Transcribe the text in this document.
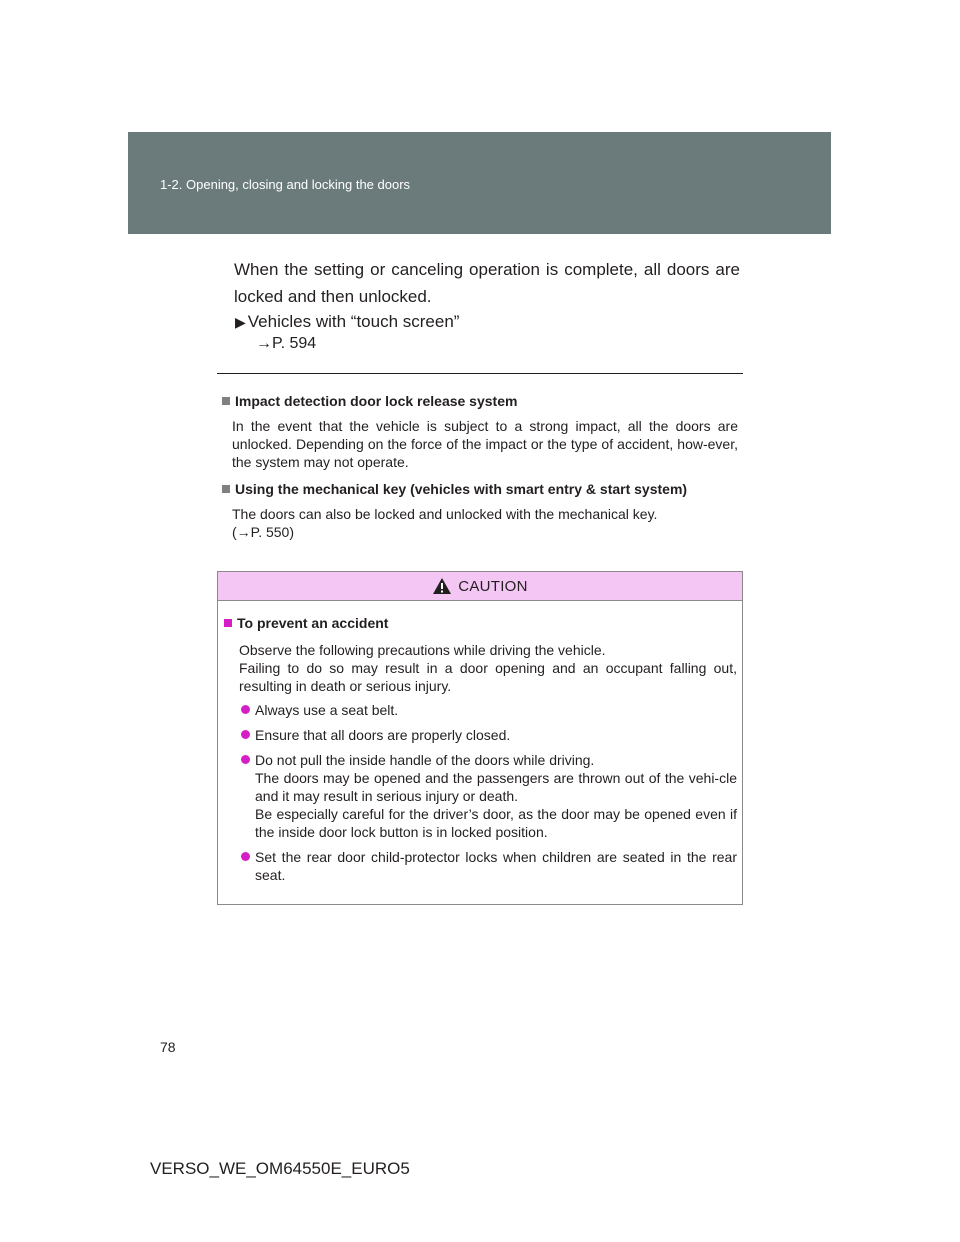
1-2. Opening, closing and locking the doors

When the setting or canceling operation is complete, all doors are locked and then unlocked.

▶ Vehicles with “touch screen”
→P. 594

Impact detection door lock release system

In the event that the vehicle is subject to a strong impact, all the doors are unlocked. Depending on the force of the impact or the type of accident, how-ever, the system may not operate.

Using the mechanical key (vehicles with smart entry & start system)

The doors can also be locked and unlocked with the mechanical key.
(→P. 550)

CAUTION

To prevent an accident

Observe the following precautions while driving the vehicle.
Failing to do so may result in a door opening and an occupant falling out, resulting in death or serious injury.

Always use a seat belt.
Ensure that all doors are properly closed.
Do not pull the inside handle of the doors while driving.
The doors may be opened and the passengers are thrown out of the vehi-cle and it may result in serious injury or death.
Be especially careful for the driver’s door, as the door may be opened even if the inside door lock button is in locked position.
Set the rear door child-protector locks when children are seated in the rear seat.
78
VERSO_WE_OM64550E_EURO5
